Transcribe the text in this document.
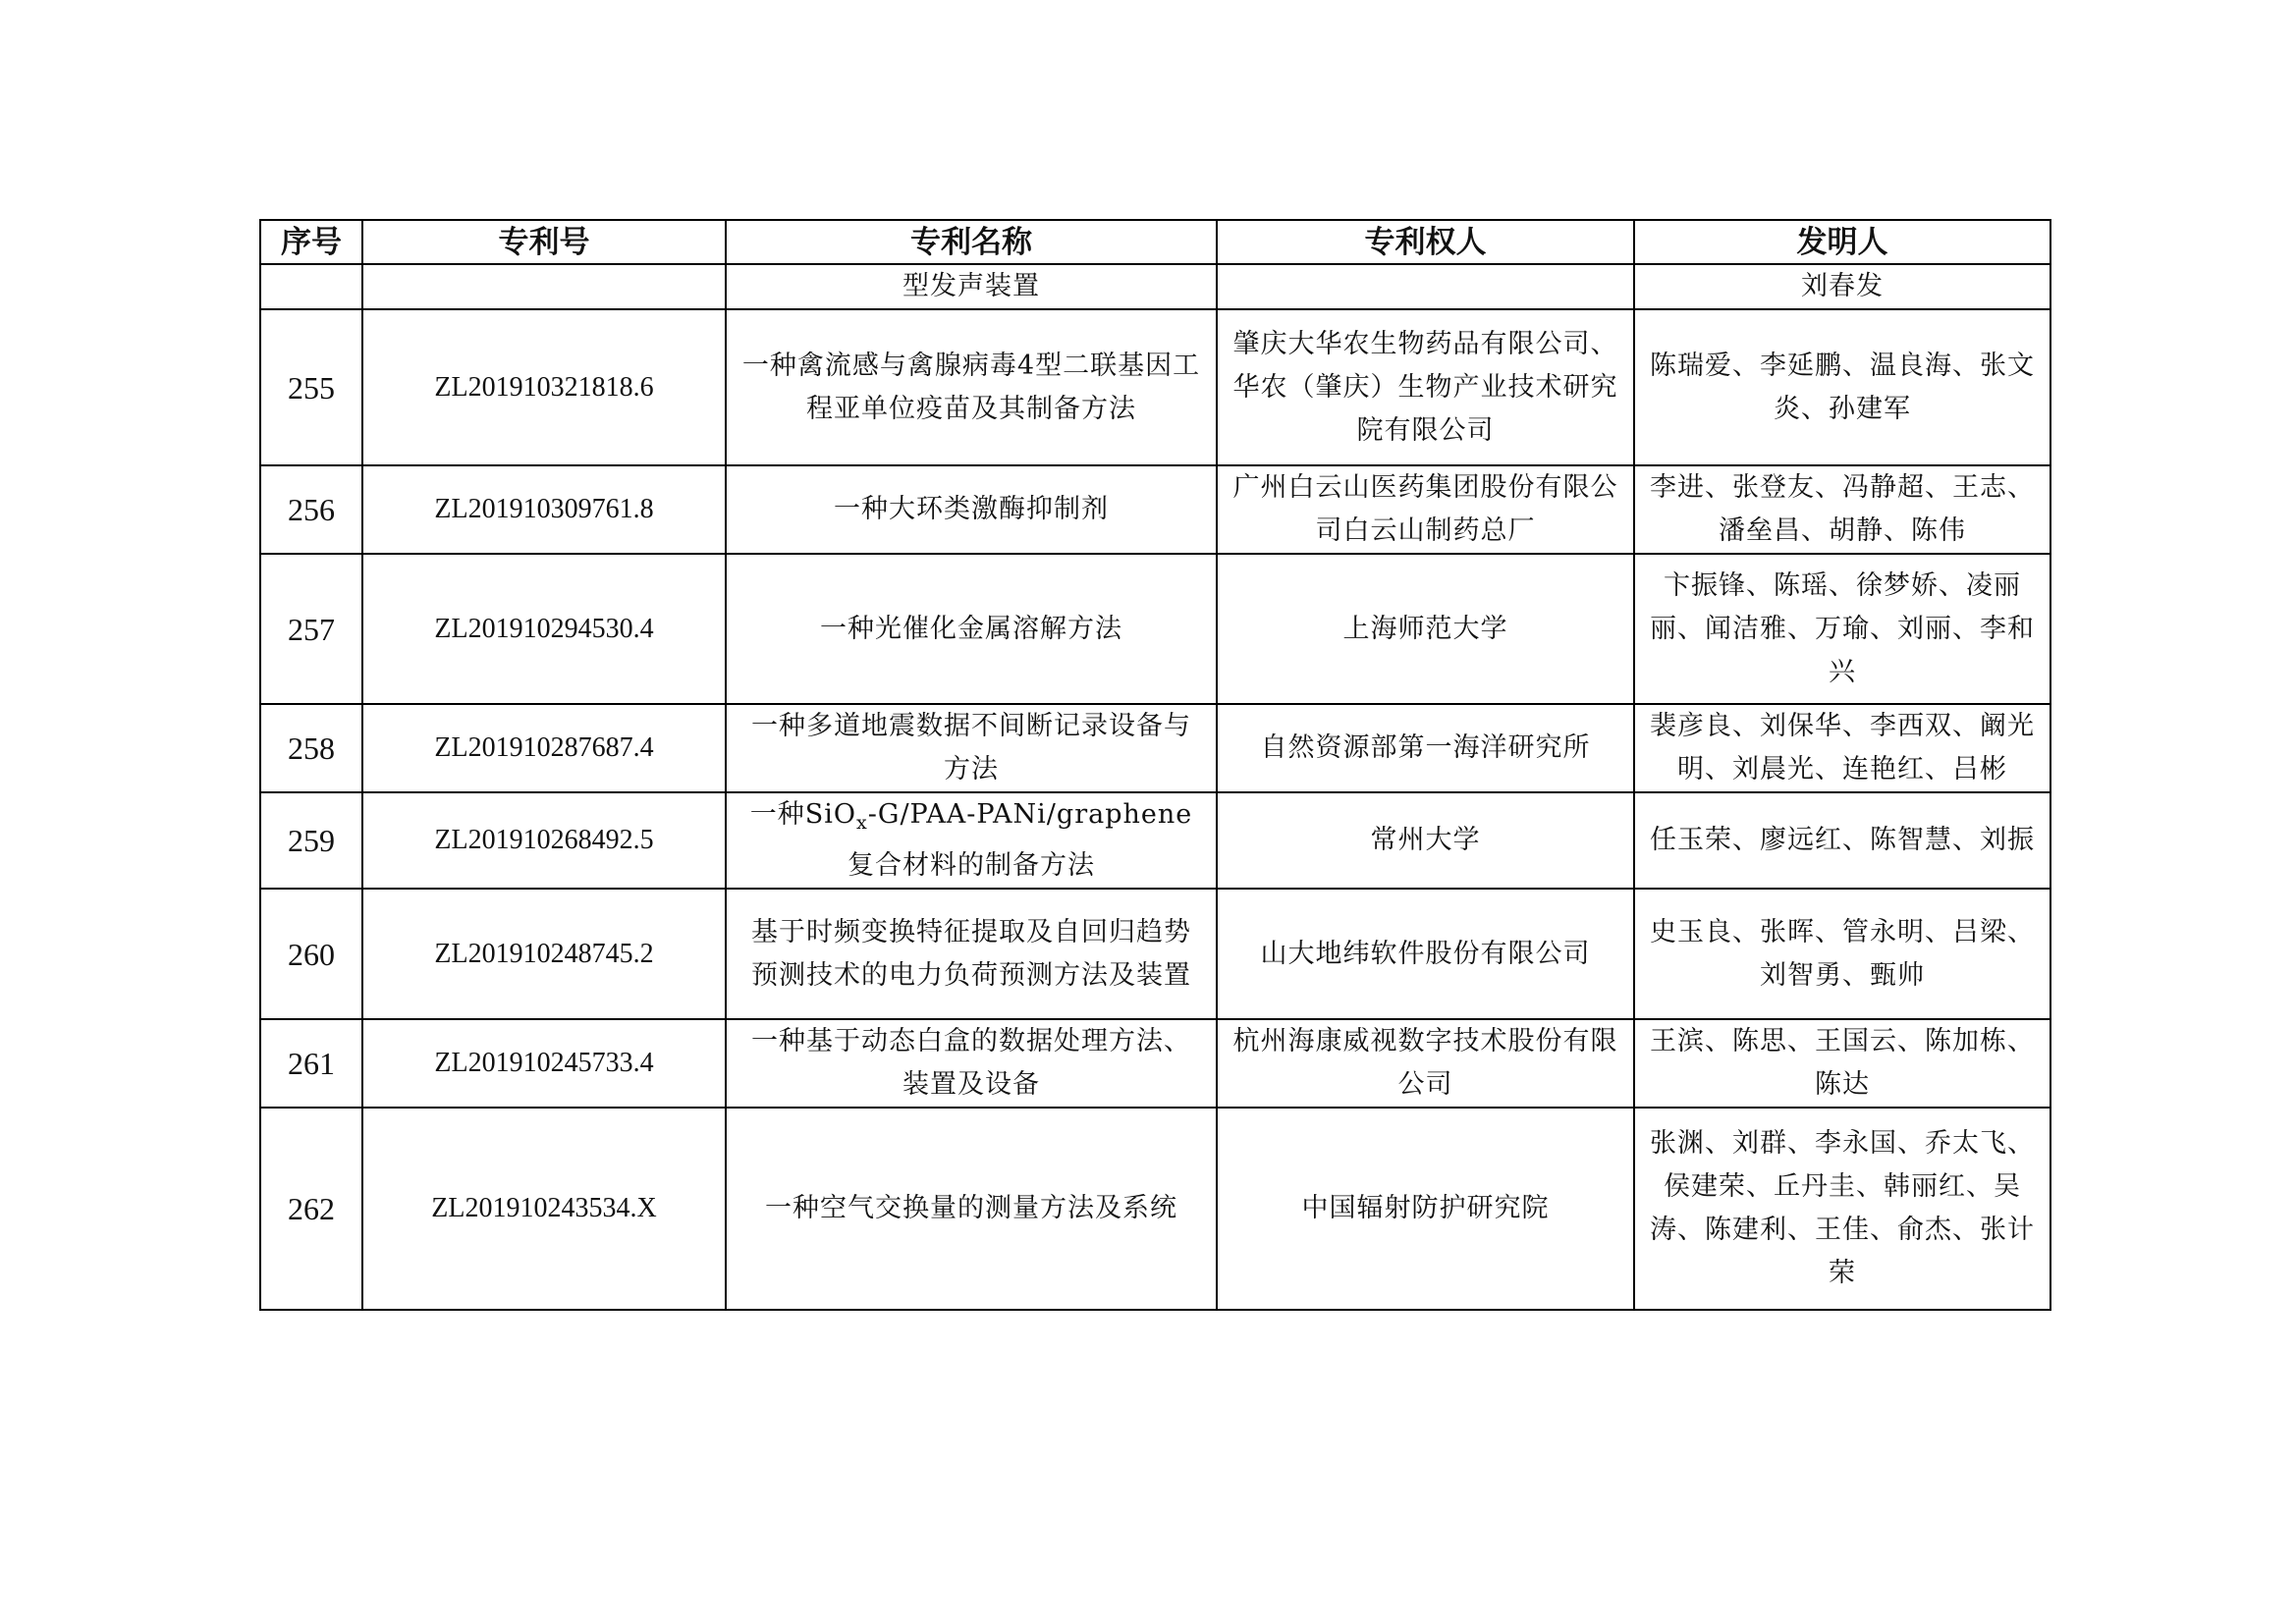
序号	专利号	专利名称	专利权人	发明人
		型发声装置		刘春发
255	ZL201910321818.6	一种禽流感与禽腺病毒4型二联基因工程亚单位疫苗及其制备方法	肇庆大华农生物药品有限公司、华农（肇庆）生物产业技术研究院有限公司	陈瑞爱、李延鹏、温良海、张文炎、孙建军
256	ZL201910309761.8	一种大环类激酶抑制剂	广州白云山医药集团股份有限公司白云山制药总厂	李进、张登友、冯静超、王志、潘垒昌、胡静、陈伟
257	ZL201910294530.4	一种光催化金属溶解方法	上海师范大学	卞振锋、陈瑶、徐梦娇、凌丽丽、闻洁雅、万瑜、刘丽、李和兴
258	ZL201910287687.4	一种多道地震数据不间断记录设备与方法	自然资源部第一海洋研究所	裴彦良、刘保华、李西双、阚光明、刘晨光、连艳红、吕彬
259	ZL201910268492.5	一种SiO$_x$-G/PAA-PANi/graphene复合材料的制备方法	常州大学	任玉荣、廖远红、陈智慧、刘振
260	ZL201910248745.2	基于时频变换特征提取及自回归趋势预测技术的电力负荷预测方法及装置	山大地纬软件股份有限公司	史玉良、张晖、管永明、吕梁、刘智勇、甄帅
261	ZL201910245733.4	一种基于动态白盒的数据处理方法、装置及设备	杭州海康威视数字技术股份有限公司	王滨、陈思、王国云、陈加栋、陈达
262	ZL201910243534.X	一种空气交换量的测量方法及系统	中国辐射防护研究院	张渊、刘群、李永国、乔太飞、侯建荣、丘丹圭、韩丽红、吴涛、陈建利、王佳、俞杰、张计荣
